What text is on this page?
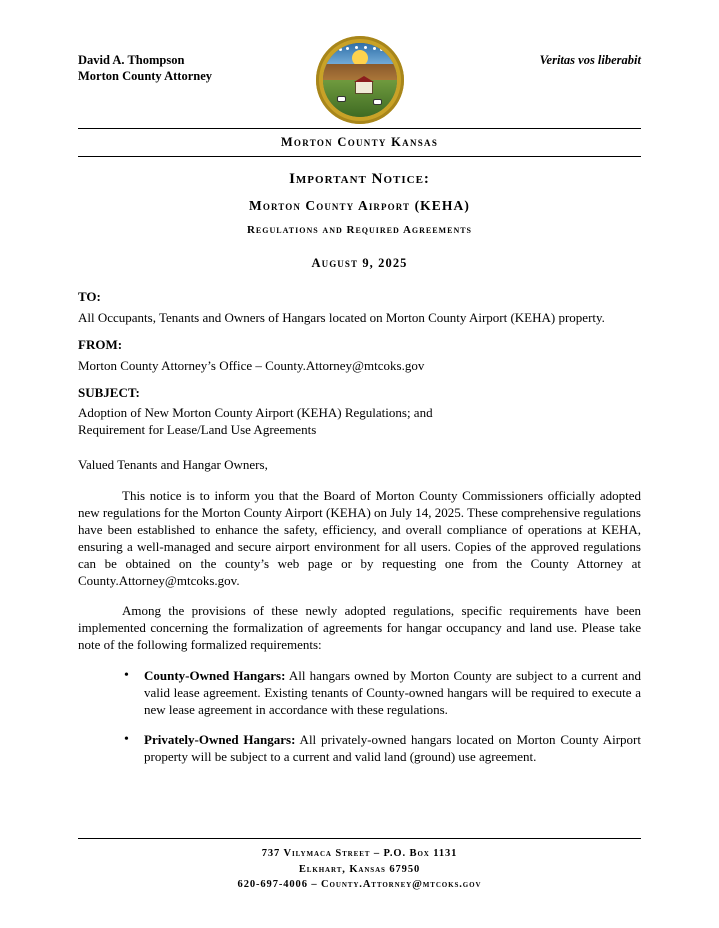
David A. Thompson
Morton County Attorney
Veritas vos liberabit
Morton County Kansas
Important Notice:
Morton County Airport (KEHA)
Regulations and Required Agreements
August 9, 2025
TO:
All Occupants, Tenants and Owners of Hangars located on Morton County Airport (KEHA) property.
FROM:
Morton County Attorney’s Office – County.Attorney@mtcoks.gov
SUBJECT:
Adoption of New Morton County Airport (KEHA) Regulations; and
Requirement for Lease/Land Use Agreements
Valued Tenants and Hangar Owners,

This notice is to inform you that the Board of Morton County Commissioners officially adopted new regulations for the Morton County Airport (KEHA) on July 14, 2025. These comprehensive regulations have been established to enhance the safety, efficiency, and overall compliance of operations at KEHA, ensuring a well-managed and secure airport environment for all users. Copies of the approved regulations can be obtained on the county’s web page or by requesting one from the County Attorney at County.Attorney@mtcoks.gov.

Among the provisions of these newly adopted regulations, specific requirements have been implemented concerning the formalization of agreements for hangar occupancy and land use. Please take note of the following formalized requirements:

• County-Owned Hangars: All hangars owned by Morton County are subject to a current and valid lease agreement. Existing tenants of County-owned hangars will be required to execute a new lease agreement in accordance with these regulations.
• Privately-Owned Hangars: All privately-owned hangars located on Morton County Airport property will be subject to a current and valid land (ground) use agreement.
737 Vilymaca Street – P.O. Box 1131
Elkhart, Kansas 67950
620-697-4006 – County.Attorney@mtcoks.gov
